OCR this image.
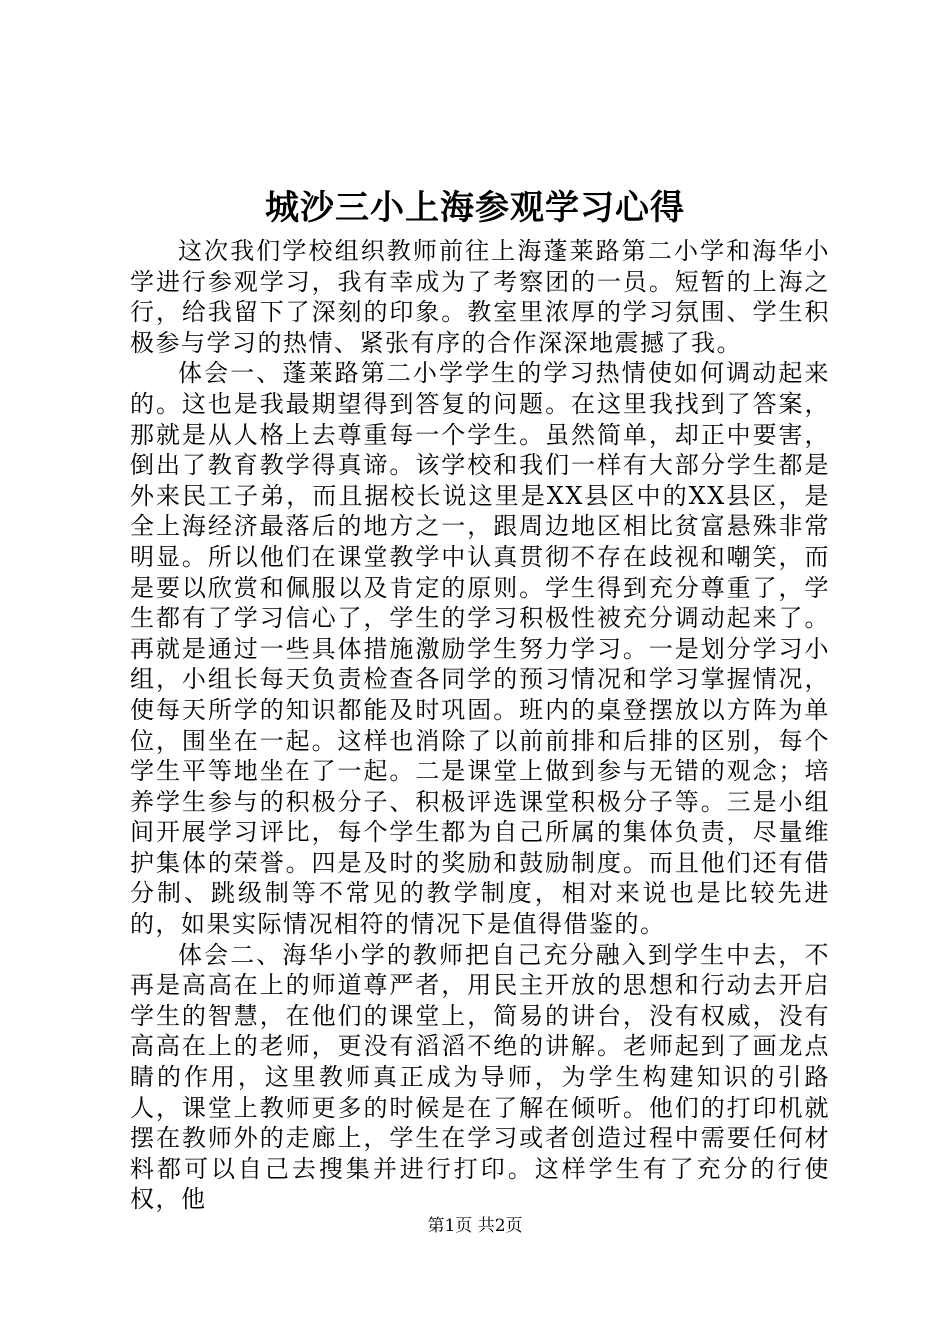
城沙三小上海参观学习心得

这次我们学校组织教师前往上海蓬莱路第二小学和海华小学进行参观学习，我有幸成为了考察团的一员。短暂的上海之行，给我留下了深刻的印象。教室里浓厚的学习氛围、学生积极参与学习的热情、紧张有序的合作深深地震撼了我。

体会一、蓬莱路第二小学学生的学习热情使如何调动起来的。这也是我最期望得到答复的问题。在这里我找到了答案，那就是从人格上去尊重每一个学生。虽然简单，却正中要害，倒出了教育教学得真谛。该学校和我们一样有大部分学生都是外来民工子弟，而且据校长说这里是XX县区中的XX县区，是全上海经济最落后的地方之一，跟周边地区相比贫富悬殊非常明显。所以他们在课堂教学中认真贯彻不存在歧视和嘲笑，而是要以欣赏和佩服以及肯定的原则。学生得到充分尊重了，学生都有了学习信心了，学生的学习积极性被充分调动起来了。再就是通过一些具体措施激励学生努力学习。一是划分学习小组，小组长每天负责检查各同学的预习情况和学习掌握情况，使每天所学的知识都能及时巩固。班内的桌登摆放以方阵为单位，围坐在一起。这样也消除了以前前排和后排的区别，每个学生平等地坐在了一起。二是课堂上做到参与无错的观念；培养学生参与的积极分子、积极评选课堂积极分子等。三是小组间开展学习评比，每个学生都为自己所属的集体负责，尽量维护集体的荣誉。四是及时的奖励和鼓励制度。而且他们还有借分制、跳级制等不常见的教学制度，相对来说也是比较先进的，如果实际情况相符的情况下是值得借鉴的。

体会二、海华小学的教师把自己充分融入到学生中去，不再是高高在上的师道尊严者，用民主开放的思想和行动去开启学生的智慧，在他们的课堂上，简易的讲台，没有权威，没有高高在上的老师，更没有滔滔不绝的讲解。老师起到了画龙点睛的作用，这里教师真正成为导师，为学生构建知识的引路人，课堂上教师更多的时候是在了解在倾听。他们的打印机就摆在教师外的走廊上，学生在学习或者创造过程中需要任何材料都可以自己去搜集并进行打印。这样学生有了充分的行使权，他

第1页 共2页
